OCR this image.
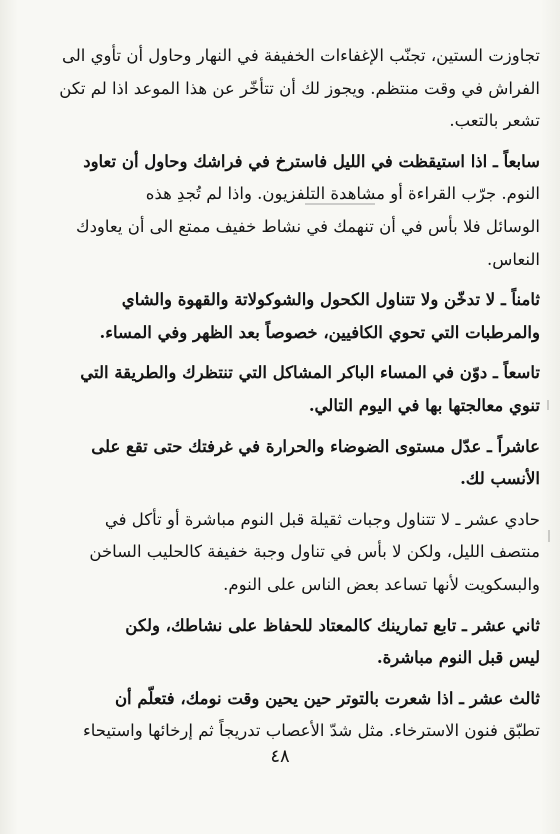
تجاوزت الستين، تجنّب الإغفاءات الخفيفة في النهار وحاول أن تأوي الى
الفراش في وقت منتظم. ويجوز لك أن تتأخّر عن هذا الموعد اذا لم تكن
تشعر بالتعب.
سابعاً ـ اذا استيقظت في الليل فاسترخ في فراشك وحاول أن تعاود
النوم. جرّب القراءة أو مشاهدة التلفزيون. واذا لم تُجدِ هذه
الوسائل فلا بأس في أن تنهمك في نشاط خفيف ممتع الى أن يعاودك
النعاس.
ثامناً ـ لا تدخّن ولا تتناول الكحول والشوكولاتة والقهوة والشاي
والمرطبات التي تحوي الكافيين، خصوصاً بعد الظهر وفي المساء.
تاسعاً ـ دوّن في المساء الباكر المشاكل التي تنتظرك والطريقة التي
تنوي معالجتها بها في اليوم التالي.
عاشراً ـ عدّل مستوى الضوضاء والحرارة في غرفتك حتى تقع على
الأنسب لك.
حادي عشر ـ لا تتناول وجبات ثقيلة قبل النوم مباشرة أو تأكل في
منتصف الليل، ولكن لا بأس في تناول وجبة خفيفة كالحليب الساخن
والبسكويت لأنها تساعد بعض الناس على النوم.
ثاني عشر ـ تابع تمارينك كالمعتاد للحفاظ على نشاطك، ولكن
ليس قبل النوم مباشرة.
ثالث عشر ـ اذا شعرت بالتوتر حين يحين وقت نومك، فتعلّم أن
تطبّق فنون الاسترخاء. مثل شدّ الأعصاب تدريجاً ثم إرخائها واستيحاء
٤٨
